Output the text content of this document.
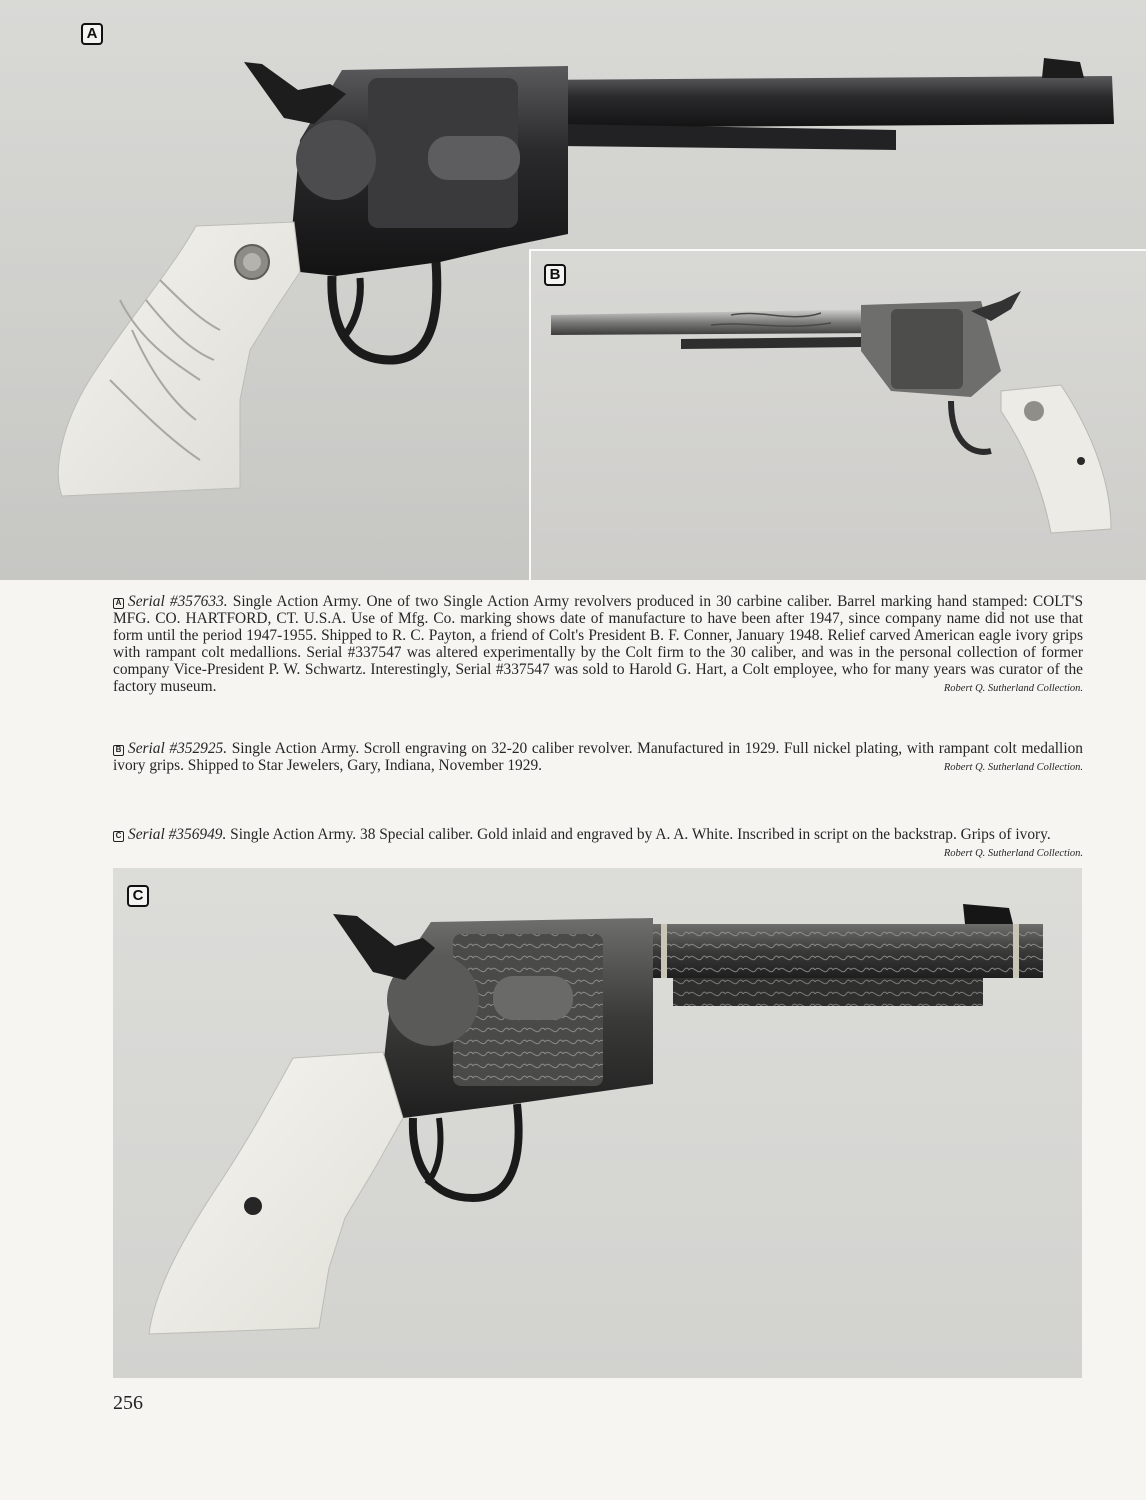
A
B
A Serial #357633. Single Action Army. One of two Single Action Army revolvers produced in 30 carbine caliber. Barrel marking hand stamped: COLT'S MFG. CO. HARTFORD, CT. U.S.A. Use of Mfg. Co. marking shows date of manufacture to have been after 1947, since company name did not use that form until the period 1947-1955. Shipped to R. C. Payton, a friend of Colt's President B. F. Conner, January 1948. Relief carved American eagle ivory grips with rampant colt medallions. Serial #337547 was altered experimentally by the Colt firm to the 30 caliber, and was in the personal collection of former company Vice-President P. W. Schwartz. Interestingly, Serial #337547 was sold to Harold G. Hart, a Colt employee, who for many years was curator of the factory museum.	Robert Q. Sutherland Collection.
B Serial #352925. Single Action Army. Scroll engraving on 32-20 caliber revolver. Manufactured in 1929. Full nickel plating, with rampant colt medallion ivory grips. Shipped to Star Jewelers, Gary, Indiana, November 1929.	Robert Q. Sutherland Collection.
C Serial #356949. Single Action Army. 38 Special caliber. Gold inlaid and engraved by A. A. White. Inscribed in script on the backstrap. Grips of ivory.
Robert Q. Sutherland Collection.
C
256
